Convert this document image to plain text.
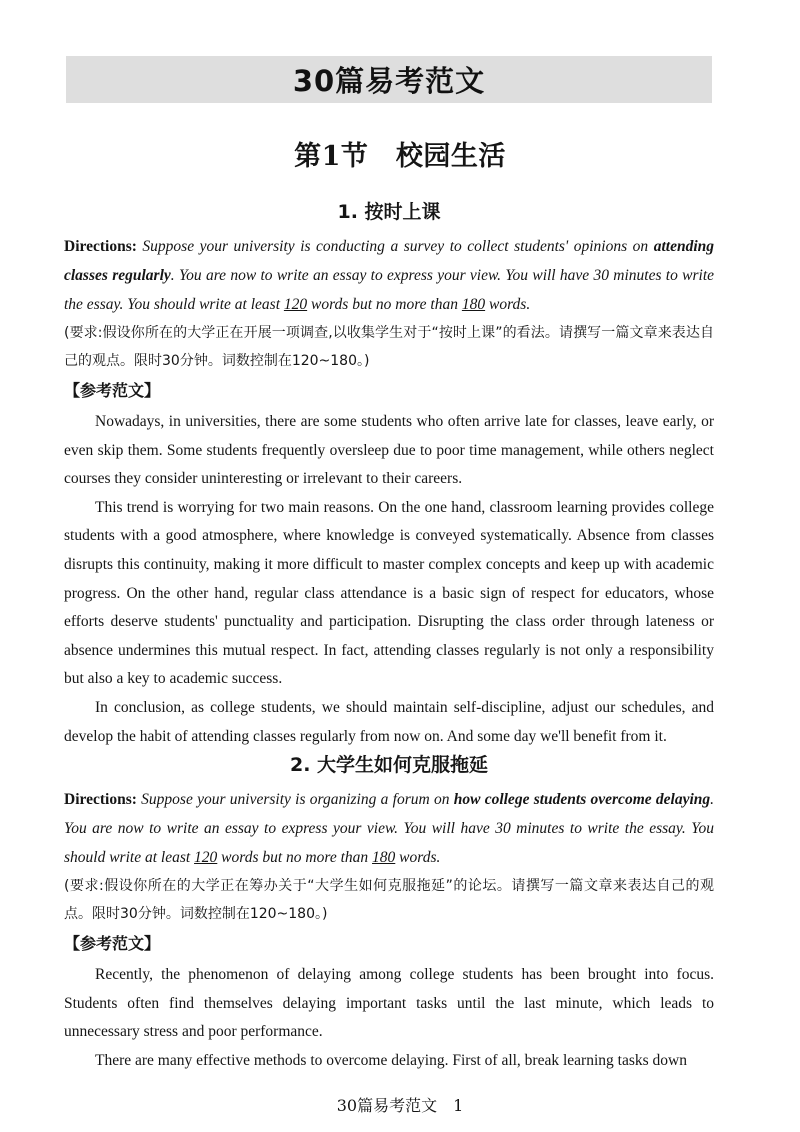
30篇易考范文
第1节　校园生活
1. 按时上课

Directions: Suppose your university is conducting a survey to collect students' opinions on attending classes regularly. You are now to write an essay to express your view. You will have 30 minutes to write the essay. You should write at least 120 words but no more than 180 words.

(要求:假设你所在的大学正在开展一项调查,以收集学生对于“按时上课”的看法。请撰写一篇文章来表达自己的观点。限时30分钟。词数控制在120~180。)

【参考范文】

Nowadays, in universities, there are some students who often arrive late for classes, leave early, or even skip them. Some students frequently oversleep due to poor time management, while others neglect courses they consider uninteresting or irrelevant to their careers.

This trend is worrying for two main reasons. On the one hand, classroom learning provides college students with a good atmosphere, where knowledge is conveyed systematically. Absence from classes disrupts this continuity, making it more difficult to master complex concepts and keep up with academic progress. On the other hand, regular class attendance is a basic sign of respect for educators, whose efforts deserve students' punctuality and participation. Disrupting the class order through lateness or absence undermines this mutual respect. In fact, attending classes regularly is not only a responsibility but also a key to academic success.

In conclusion, as college students, we should maintain self-discipline, adjust our schedules, and develop the habit of attending classes regularly from now on. And some day we'll benefit from it.

2. 大学生如何克服拖延

Directions: Suppose your university is organizing a forum on how college students overcome delaying. You are now to write an essay to express your view. You will have 30 minutes to write the essay. You should write at least 120 words but no more than 180 words.

(要求:假设你所在的大学正在筹办关于“大学生如何克服拖延”的论坛。请撰写一篇文章来表达自己的观点。限时30分钟。词数控制在120~180。)

【参考范文】

Recently, the phenomenon of delaying among college students has been brought into focus. Students often find themselves delaying important tasks until the last minute, which leads to unnecessary stress and poor performance.

There are many effective methods to overcome delaying. First of all, break learning tasks down

30篇易考范文　1
